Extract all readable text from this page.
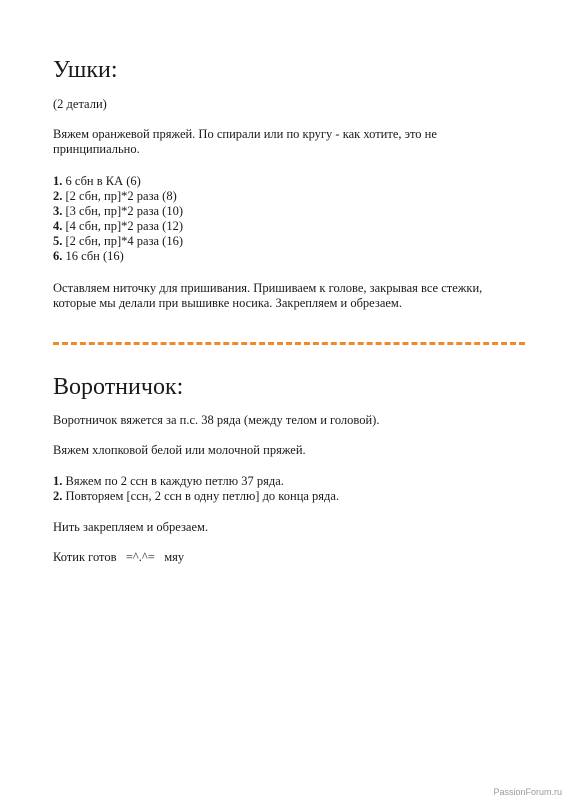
Ушки:

(2 детали)

Вяжем оранжевой пряжей. По спирали или по кругу - как хотите, это не принципиально.

1. 6 сбн в КА (6)
2. [2 сбн, пр]*2 раза (8)
3. [3 сбн, пр]*2 раза (10)
4. [4 сбн, пр]*2 раза (12)
5. [2 сбн, пр]*4 раза (16)
6. 16 сбн (16)

Оставляем ниточку для пришивания. Пришиваем к голове, закрывая все стежки, которые мы делали при вышивке носика. Закрепляем и обрезаем.

Воротничок:

Воротничок вяжется за п.с. 38 ряда (между телом и головой).

Вяжем хлопковой белой или молочной пряжей.

1. Вяжем по 2 ссн в каждую петлю 37 ряда.
2. Повторяем [ссн, 2 ссн в одну петлю] до конца ряда.

Нить закрепляем и обрезаем.

Котик готов   =^.^=   мяу

PassionForum.ru
